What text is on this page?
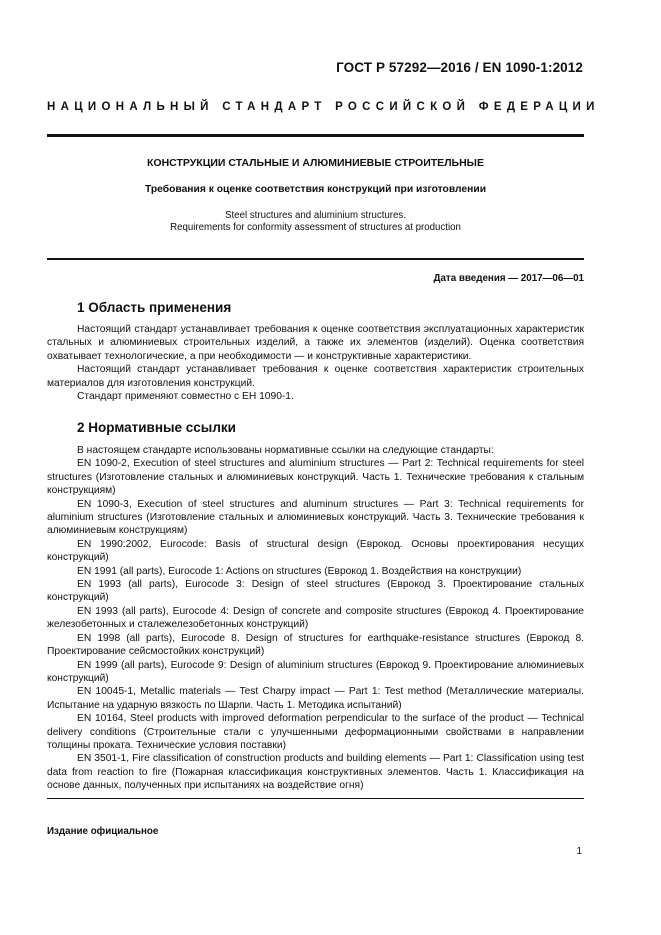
ГОСТ Р 57292—2016 / EN 1090-1:2012
НАЦИОНАЛЬНЫЙ СТАНДАРТ РОССИЙСКОЙ ФЕДЕРАЦИИ
КОНСТРУКЦИИ СТАЛЬНЫЕ И АЛЮМИНИЕВЫЕ СТРОИТЕЛЬНЫЕ
Требования к оценке соответствия конструкций при изготовлении
Steel structures and aluminium structures.
Requirements for conformity assessment of structures at production
Дата введения — 2017—06—01
1 Область применения

Настоящий стандарт устанавливает требования к оценке соответствия эксплуатационных характеристик стальных и алюминиевых строительных изделий, а также их элементов (изделий). Оценка соответствия охватывает технологические, а при необходимости — и конструктивные характеристики.

Настоящий стандарт устанавливает требования к оценке соответствия характеристик строительных материалов для изготовления конструкций.

Стандарт применяют совместно с ЕН 1090-1.

2 Нормативные ссылки

В настоящем стандарте использованы нормативные ссылки на следующие стандарты:

EN 1090-2, Execution of steel structures and aluminium structures — Part 2: Technical requirements for steel structures (Изготовление стальных и алюминиевых конструкций. Часть 1. Технические требования к стальным конструкциям)

EN 1090-3, Execution of steel structures and aluminum structures — Part 3: Technical requirements for aluminium structures (Изготовление стальных и алюминиевых конструкций. Часть 3. Технические требования к алюминиевым конструкциям)

EN 1990:2002, Eurocode: Basis of structural design (Еврокод. Основы проектирования несущих конструкций)

EN 1991 (all parts), Eurocode 1: Actions on structures (Еврокод 1. Воздействия на конструкции)

EN 1993 (all parts), Eurocode 3: Design of steel structures (Еврокод 3. Проектирование стальных конструкций)

EN 1993 (all parts), Eurocode 4: Design of concrete and composite structures (Еврокод 4. Проектирование железобетонных и сталежелезобетонных конструкций)

EN 1998 (all parts), Eurocode 8. Design of structures for earthquake-resistance structures (Еврокод 8. Проектирование сейсмостойких конструкций)

EN 1999 (all parts), Eurocode 9: Design of aluminium structures (Еврокод 9. Проектирование алюминиевых конструкций)

EN 10045-1, Metallic materials — Test Charpy impact — Part 1: Test method (Металлические материалы. Испытание на ударную вязкость по Шарпи. Часть 1. Методика испытаний)

EN 10164, Steel products with improved deformation perpendicular to the surface of the product — Technical delivery conditions (Строительные стали с улучшенными деформационными свойствами в направлении толщины проката. Технические условия поставки)

EN 3501-1, Fire classification of construction products and building elements — Part 1: Classification using test data from reaction to fire (Пожарная классификация конструктивных элементов. Часть 1. Классификация на основе данных, полученных при испытаниях на воздействие огня)

Издание официальное
1
